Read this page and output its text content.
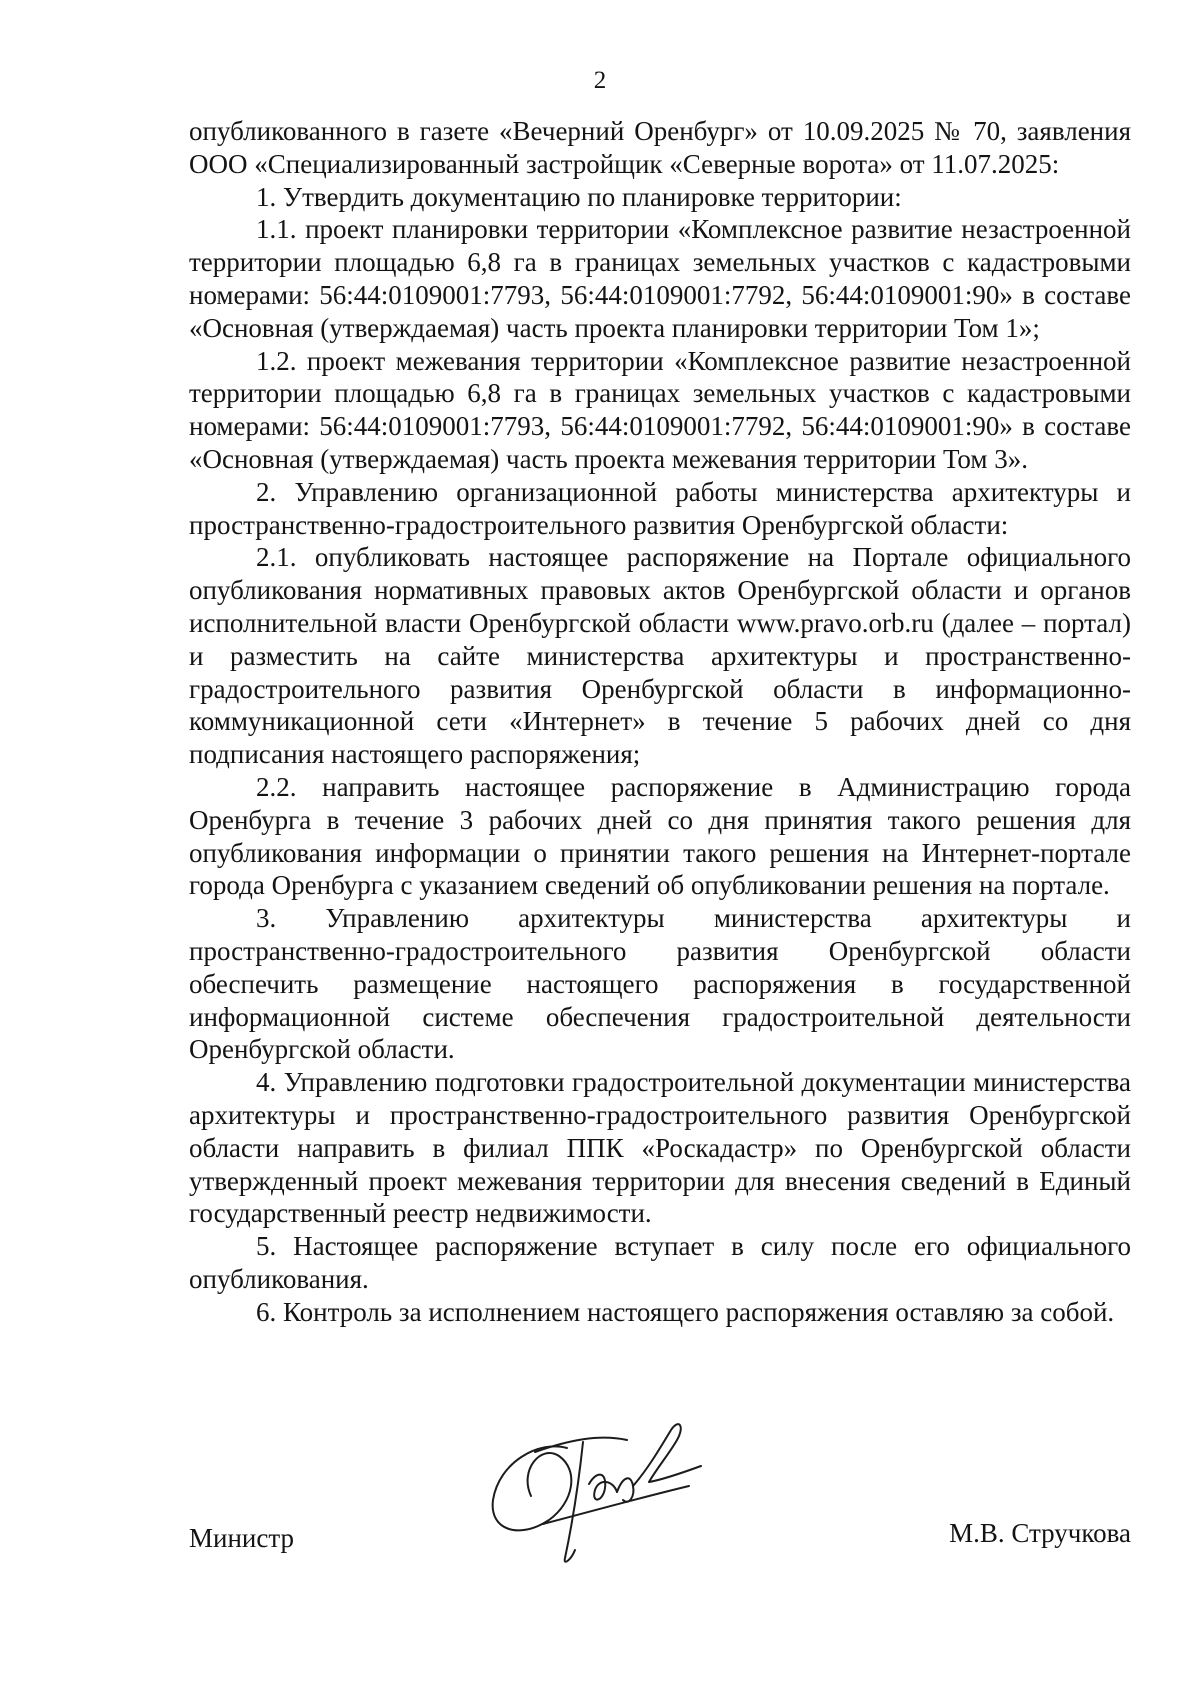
2

опубликованного в газете «Вечерний Оренбург» от 10.09.2025 № 70, заявления ООО «Специализированный застройщик «Северные ворота» от 11.07.2025:

1. Утвердить документацию по планировке территории:

1.1. проект планировки территории «Комплексное развитие незастроенной территории площадью 6,8 га в границах земельных участков с кадастровыми номерами: 56:44:0109001:7793, 56:44:0109001:7792, 56:44:0109001:90» в составе «Основная (утверждаемая) часть проекта планировки территории Том 1»;

1.2. проект межевания территории «Комплексное развитие незастроенной территории площадью 6,8 га в границах земельных участков с кадастровыми номерами: 56:44:0109001:7793, 56:44:0109001:7792, 56:44:0109001:90» в составе «Основная (утверждаемая) часть проекта межевания территории Том 3».

2. Управлению организационной работы министерства архитектуры и пространственно-градостроительного развития Оренбургской области:

2.1. опубликовать настоящее распоряжение на Портале официального опубликования нормативных правовых актов Оренбургской области и органов исполнительной власти Оренбургской области www.pravo.orb.ru (далее – портал) и разместить на сайте министерства архитектуры и пространственно-градостроительного развития Оренбургской области в информационно-коммуникационной сети «Интернет» в течение 5 рабочих дней со дня подписания настоящего распоряжения;

2.2. направить настоящее распоряжение в Администрацию города Оренбурга в течение 3 рабочих дней со дня принятия такого решения для опубликования информации о принятии такого решения на Интернет-портале города Оренбурга с указанием сведений об опубликовании решения на портале.

3. Управлению архитектуры министерства архитектуры и пространственно-градостроительного развития Оренбургской области обеспечить размещение настоящего распоряжения в государственной информационной системе обеспечения градостроительной деятельности Оренбургской области.

4. Управлению подготовки градостроительной документации министерства архитектуры и пространственно-градостроительного развития Оренбургской области направить в филиал ППК «Роскадастр» по Оренбургской области утвержденный проект межевания территории для внесения сведений в Единый государственный реестр недвижимости.

5. Настоящее распоряжение вступает в силу после его официального опубликования.

6. Контроль за исполнением настоящего распоряжения оставляю за собой.

Министр	М.В. Стручкова
